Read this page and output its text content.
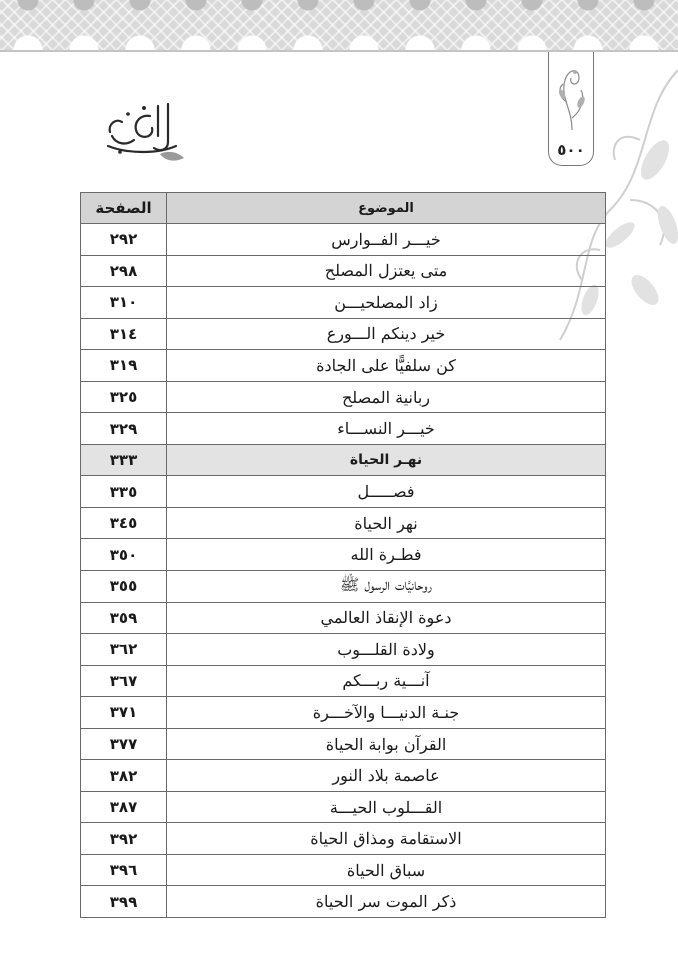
٥٠٠
الموضوع	الصفحة
خيـــر الفــوارس	٢٩٢
متى يعتزل المصلح	٢٩٨
زاد المصلحيـــن	٣١٠
خير دينكم الـــورع	٣١٤
كن سلفيًّا على الجادة	٣١٩
ربانية المصلح	٣٢٥
خيـــر النســـاء	٣٢٩
نهـر الحياة	٣٣٣
فصـــــل	٣٣٥
نهر الحياة	٣٤٥
فطـرة الله	٣٥٠
روحانيَّات الرسول ﷺ	٣٥٥
دعوة الإنقاذ العالمي	٣٥٩
ولادة القلـــوب	٣٦٢
آنـــية ربـــكم	٣٦٧
جنـة الدنيـــا والآخـــرة	٣٧١
القرآن بوابة الحياة	٣٧٧
عاصمة بلاد النور	٣٨٢
القـــلوب الحيـــة	٣٨٧
الاستقامة ومذاق الحياة	٣٩٢
سباق الحياة	٣٩٦
ذكر الموت سر الحياة	٣٩٩
